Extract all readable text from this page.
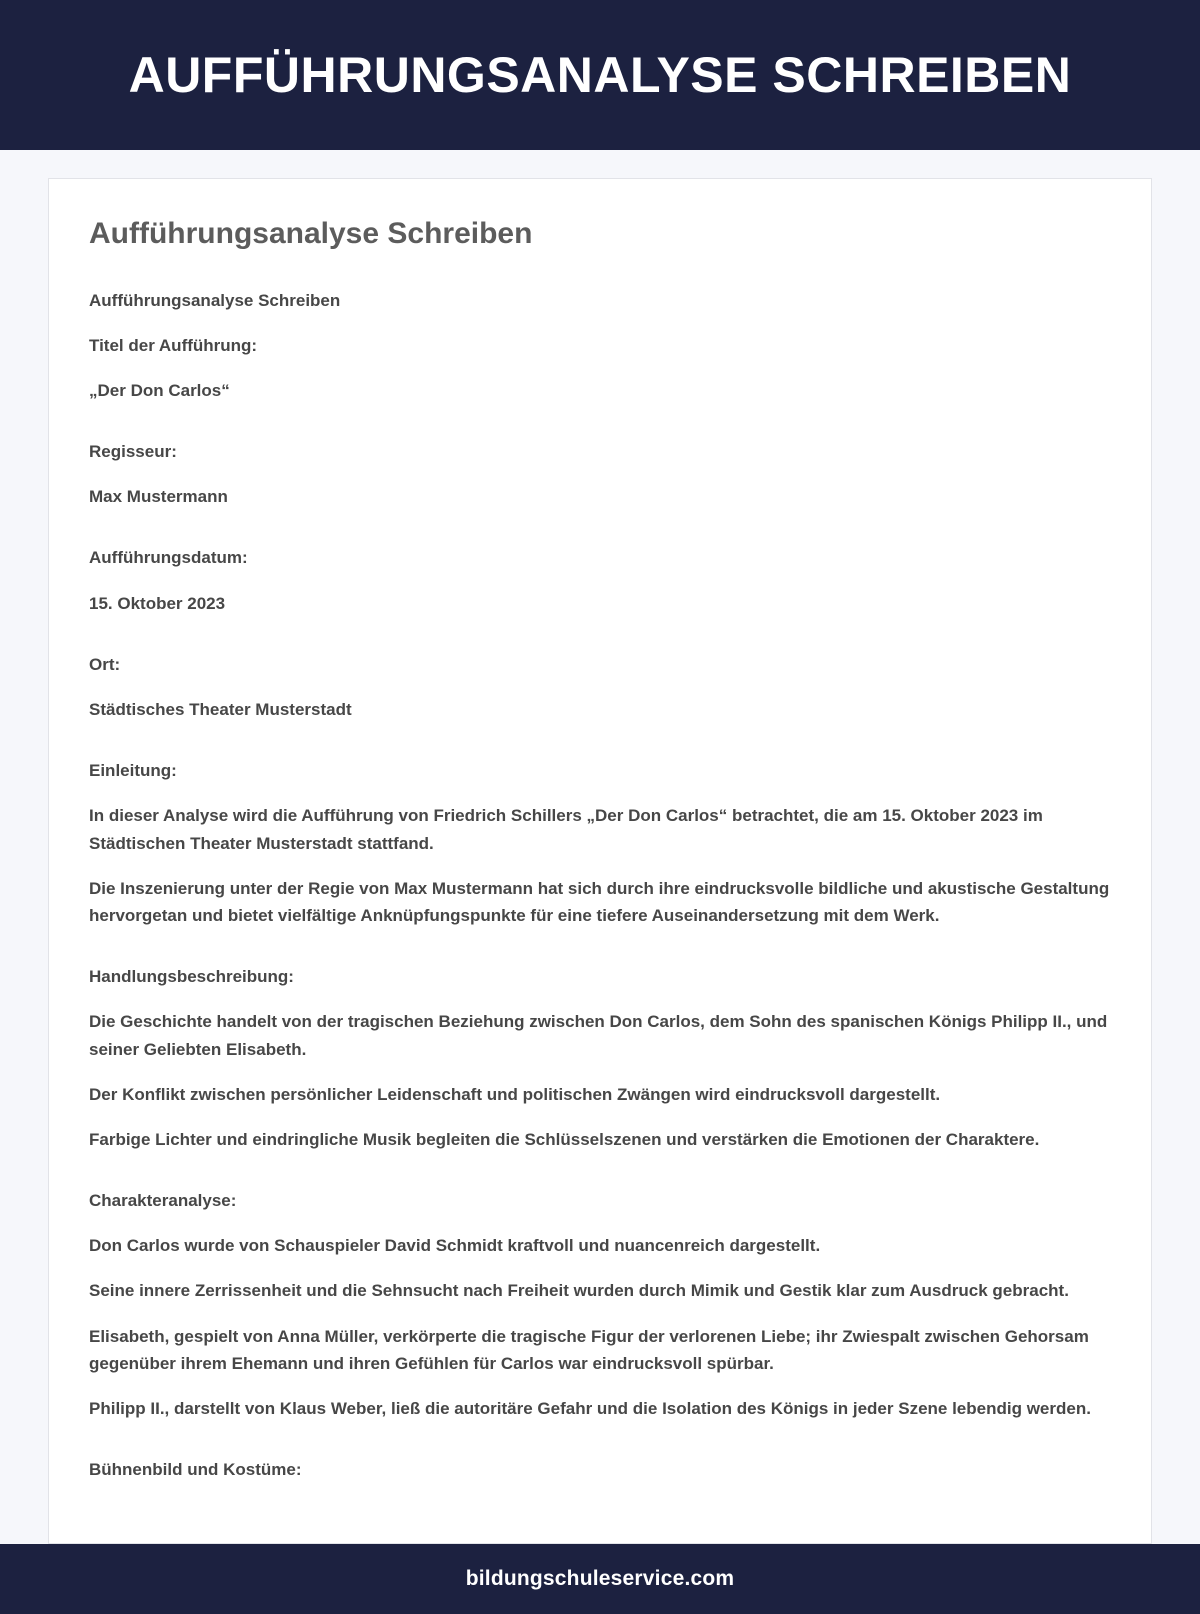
AUFFÜHRUNGSANALYSE SCHREIBEN
Aufführungsanalyse Schreiben

Aufführungsanalyse Schreiben

Titel der Aufführung:

„Der Don Carlos“

Regisseur:

Max Mustermann

Aufführungsdatum:

15. Oktober 2023

Ort:

Städtisches Theater Musterstadt

Einleitung:

In dieser Analyse wird die Aufführung von Friedrich Schillers „Der Don Carlos“ betrachtet, die am 15. Oktober 2023 im Städtischen Theater Musterstadt stattfand.

Die Inszenierung unter der Regie von Max Mustermann hat sich durch ihre eindrucksvolle bildliche und akustische Gestaltung hervorgetan und bietet vielfältige Anknüpfungspunkte für eine tiefere Auseinandersetzung mit dem Werk.

Handlungsbeschreibung:

Die Geschichte handelt von der tragischen Beziehung zwischen Don Carlos, dem Sohn des spanischen Königs Philipp II., und seiner Geliebten Elisabeth.

Der Konflikt zwischen persönlicher Leidenschaft und politischen Zwängen wird eindrucksvoll dargestellt.

Farbige Lichter und eindringliche Musik begleiten die Schlüsselszenen und verstärken die Emotionen der Charaktere.

Charakteranalyse:

Don Carlos wurde von Schauspieler David Schmidt kraftvoll und nuancenreich dargestellt.

Seine innere Zerrissenheit und die Sehnsucht nach Freiheit wurden durch Mimik und Gestik klar zum Ausdruck gebracht.

Elisabeth, gespielt von Anna Müller, verkörperte die tragische Figur der verlorenen Liebe; ihr Zwiespalt zwischen Gehorsam gegenüber ihrem Ehemann und ihren Gefühlen für Carlos war eindrucksvoll spürbar.

Philipp II., darstellt von Klaus Weber, ließ die autoritäre Gefahr und die Isolation des Königs in jeder Szene lebendig werden.

Bühnenbild und Kostüme:

bildungschuleservice.com
